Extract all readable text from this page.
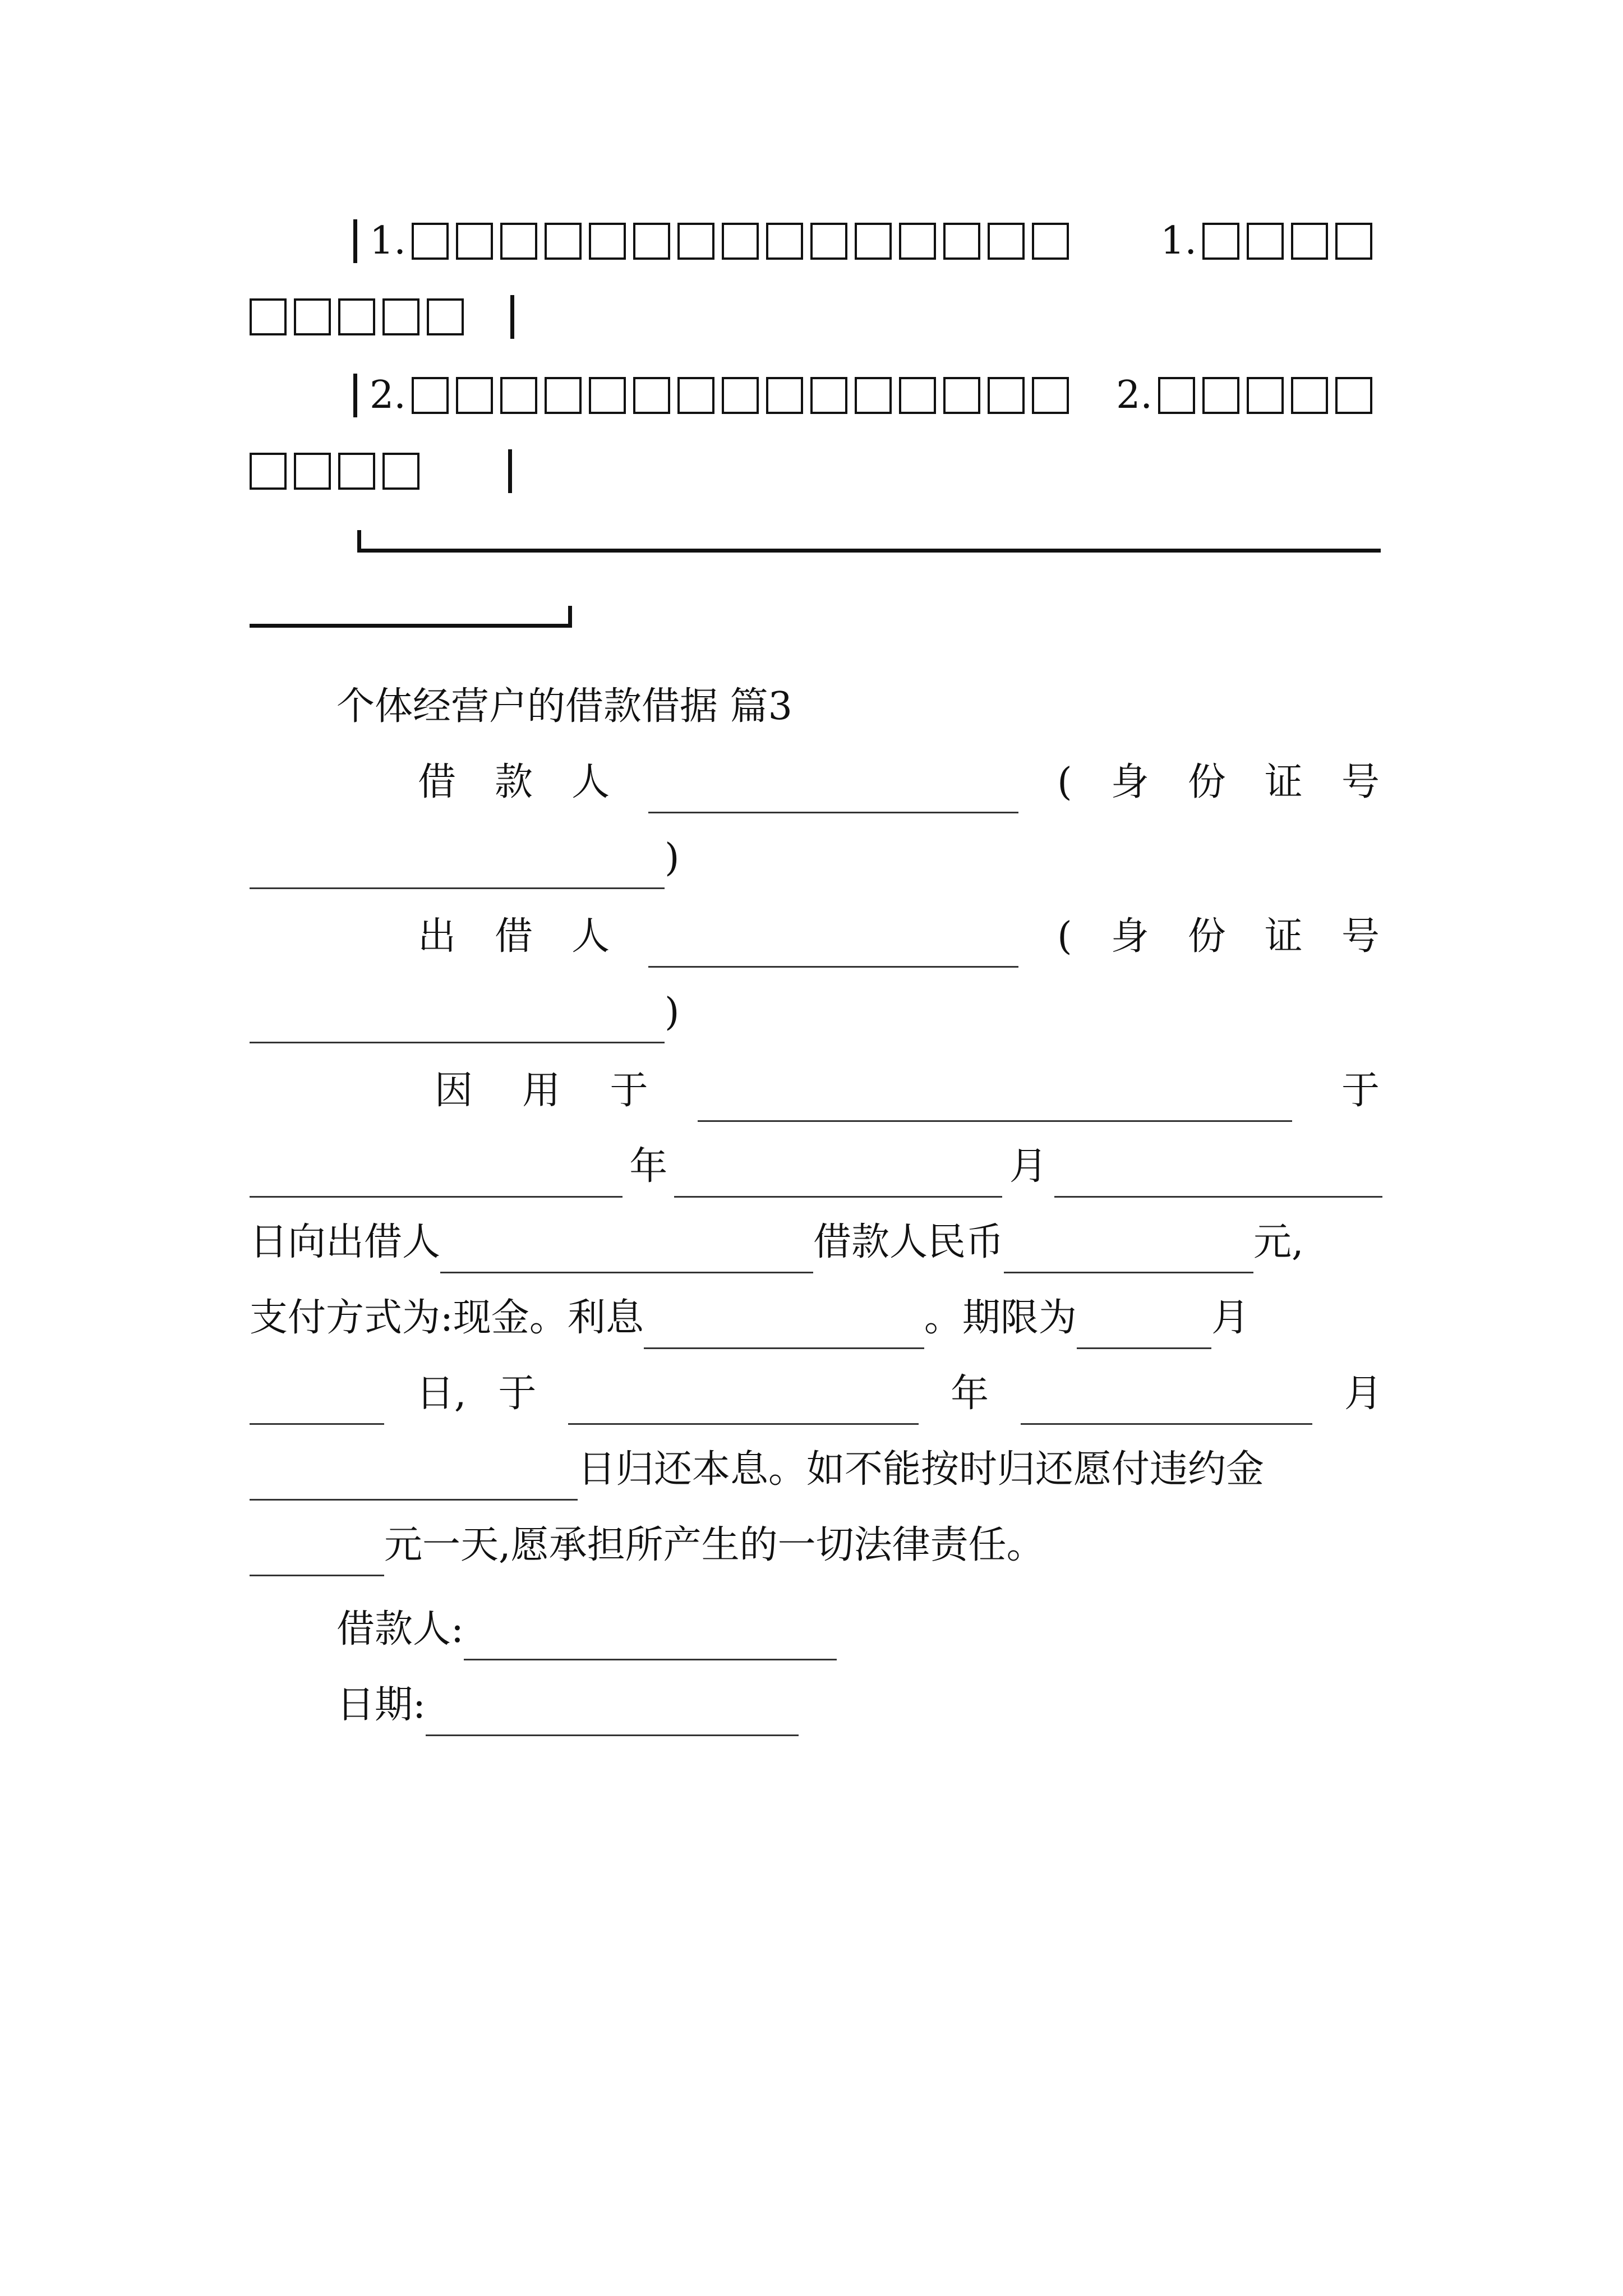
1.	1.
2.	2.
个体经营户的借款借据 篇3
借 款 人	( 身 份 证 号
)
出 借 人	( 身 份 证 号
)
因 用 于	于
年	月
日向出借人	借款人民币	元,
支付方式为:现金。利息	。期限为	月
日, 于	年	月
日归还本息。如不能按时归还愿付违约金
元一天,愿承担所产生的一切法律责任。
借款人:
日期:
